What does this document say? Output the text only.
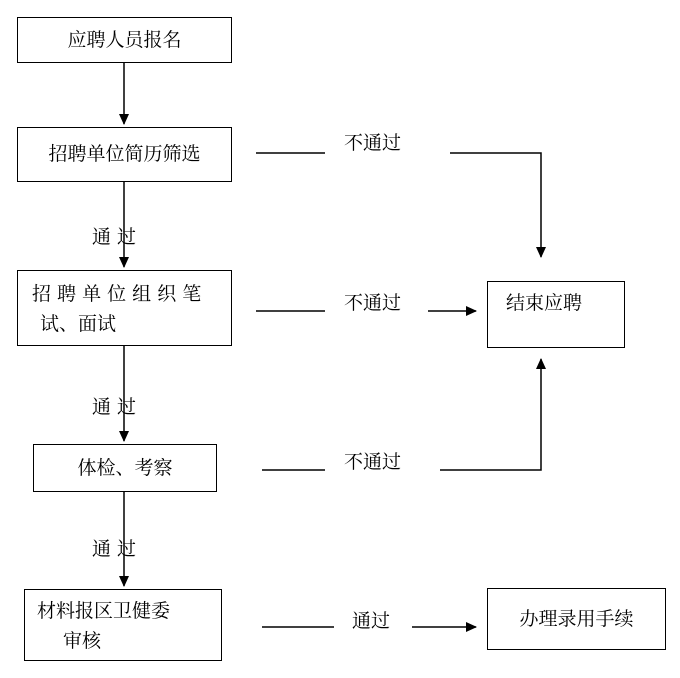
应聘人员报名
招聘单位简历筛选
招 聘 单 位 组 织 笔
试、面试
体检、考察
材料报区卫健委
审核
结束应聘
办理录用手续
通 过
通 过
通 过
不通过
不通过
不通过
通过
